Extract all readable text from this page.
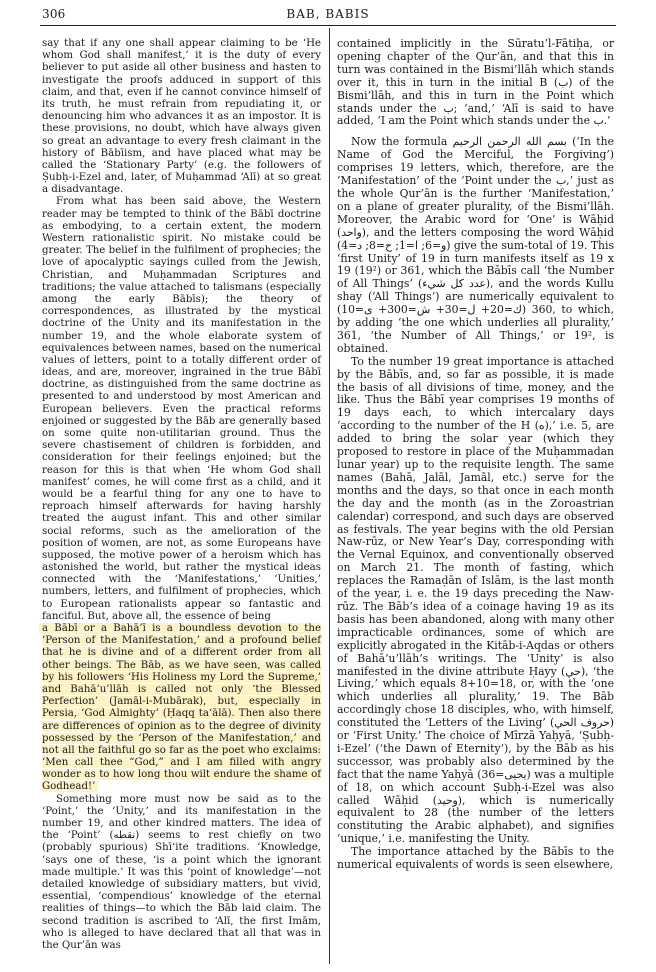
306	BAB, BABIS

say that if any one shall appear claiming to be ‘He whom God shall manifest,’ it is the duty of every believer to put aside all other business and hasten to investigate the proofs adduced in support of this claim, and that, even if he cannot convince himself of its truth, he must refrain from repudiating it, or denouncing him who advances it as an impostor. It is these provisions, no doubt, which have always given so great an advantage to every fresh claimant in the history of Bābīism, and have placed what may be called the ‘Stationary Party’ (e.g. the followers of Ṣubḥ-i-Ezel and, later, of Muḥammad ‘Alī) at so great a disadvantage.

From what has been said above, the Western reader may be tempted to think of the Bābī doctrine as embodying, to a certain extent, the modern Western rationalistic spirit. No mistake could be greater. The belief in the fulfilment of prophecies; the love of apocalyptic sayings culled from the Jewish, Christian, and Muḥammadan Scriptures and traditions; the value attached to talismans (especially among the early Bābīs); the theory of correspondences, as illustrated by the mystical doctrine of the Unity and its manifestation in the number 19, and the whole elaborate system of equivalences between names, based on the numerical values of letters, point to a totally different order of ideas, and are, moreover, ingrained in the true Bābī doctrine, as distinguished from the same doctrine as presented to and understood by most American and European believers. Even the practical reforms enjoined or suggested by the Bāb are generally based on some quite non-utilitarian ground. Thus the severe chastisement of children is forbidden, and consideration for their feelings enjoined; but the reason for this is that when ‘He whom God shall manifest’ comes, he will come first as a child, and it would be a fearful thing for any one to have to reproach himself afterwards for having harshly treated the august infant. This and other similar social reforms, such as the amelioration of the position of women, are not, as some Europeans have supposed, the motive power of a heroism which has astonished the world, but rather the mystical ideas connected with the ‘Manifestations,’ ‘Unities,’ numbers, letters, and fulfilment of prophecies, which to European rationalists appear so fantastic and fanciful. But, above all, the essence of being

a Bābī or a Bahā’ī is a boundless devotion to the ‘Person of the Manifestation,’ and a profound belief that he is divine and of a different order from all other beings. The Bāb, as we have seen, was called by his followers ‘His Holiness my Lord the Supreme,’ and Bahā’u’llāh is called not only ‘the Blessed Perfection’ (Jamāl-i-Mubārak), but, especially in Persia, ‘God Almighty’ (Ḥaqq ta‘ālā). Then also there are differences of opinion as to the degree of divinity possessed by the ‘Person of the Manifestation,’ and not all the faithful go so far as the poet who exclaims: ‘Men call thee “God,” and I am filled with angry wonder as to how long thou wilt endure the shame of Godhead!’

Something more must now be said as to the ‘Point,’ the ‘Unity,’ and its manifestation in the number 19, and other kindred matters. The idea of the ‘Point’ (نقطه) seems to rest chiefly on two (probably spurious) Shī‘ite traditions. ‘Knowledge, ’says one of these, ‘is a point which the ignorant made multiple.’ It was this ‘point of knowledge’—not detailed knowledge of subsidiary matters, but vivid, essential, ‘compendious’ knowledge of the eternal realities of things—to which the Bāb laid claim. The second tradition is ascribed to ‘Alī, the first Imām, who is alleged to have declared that all that was in the Qur’ān was

contained implicitly in the Sūratu’l-Fātiḥa, or opening chapter of the Qur’ān, and that this in turn was contained in the Bismi’llāh which stands over it, this in turn in the initial B (ب) of the Bismi’llāh, and this in turn in the Point which stands under the ب; ’and,’ ‘Alī is said to have added, ‘I am the Point which stands under the ب.’

Now the formula بسم الله الرحمن الرحيم (‘In the Name of God the Merciful, the Forgiving’) comprises 19 letters, which, therefore, are the ‘Manifestation’ of the ‘Point under the ب,’ just as the whole Qur’ān is the further ‘Manifestation,’ on a plane of greater plurality, of the Bismi’llāh. Moreover, the Arabic word for ‘One’ is Wāḥid (واحد), and the letters composing the word Wāḥid (و=6; ا=1; ح=8; د=4) give the sum-total of 19. This ‘first Unity’ of 19 in turn manifests itself as 19 x 19 (19²) or 361, which the Bābīs call ‘the Number of All Things’ (عدد كل شيء), and the words Kullu shay (‘All Things’) are numerically equivalent to (ك=20+ ل=30+ ش=300+ ى=10) 360, to which, by adding ‘the one which underlies all plurality,’ 361, ‘the Number of All Things,’ or 19², is obtained.

To the number 19 great importance is attached by the Bābīs, and, so far as possible, it is made the basis of all divisions of time, money, and the like. Thus the Bābī year comprises 19 months of 19 days each, to which intercalary days ‘according to the number of the H (ه),’ i.e. 5, are added to bring the solar year (which they proposed to restore in place of the Muḥammadan lunar year) up to the requisite length. The same names (Bahā, Jalāl, Jamāl, etc.) serve for the months and the days, so that once in each month the day and the month (as in the Zoroastrian calendar) correspond, and such days are observed as festivals. The year begins with the old Persian Naw-rūz, or New Year’s Day, corresponding with the Vernal Equinox, and conventionally observed on March 21. The month of fasting, which replaces the Ramaḍān of Islām, is the last month of the year, i. e. the 19 days preceding the Naw-rūz. The Bāb’s idea of a coinage having 19 as its basis has been abandoned, along with many other impracticable ordinances, some of which are explicitly abrogated in the Kitāb-i-Aqdas or others of Bahā’u’llāh’s writings. The ‘Unity’ is also manifested in the divine attribute Ḥayy (حي), ‘the Living,’ which equals 8+10=18, or, with the ‘one which underlies all plurality,’ 19. The Bāb accordingly chose 18 disciples, who, with himself, constituted the ‘Letters of the Living’ (حروف الحي) or ‘First Unity.’ The choice of Mīrzā Yaḥyā, ‘Ṣubḥ-i-Ezel’ (‘the Dawn of Eternity’), by the Bāb as his successor, was probably also determined by the fact that the name Yaḥyā (يحيى=36) was a multiple of 18, on which account Ṣubḥ-i-Ezel was also called Wāḥid (وحيد), which is numerically equivalent to 28 (the number of the letters constituting the Arabic alphabet), and signifies ‘unique,’ i.e. manifesting the Unity.

The importance attached by the Bābīs to the numerical equivalents of words is seen elsewhere,
